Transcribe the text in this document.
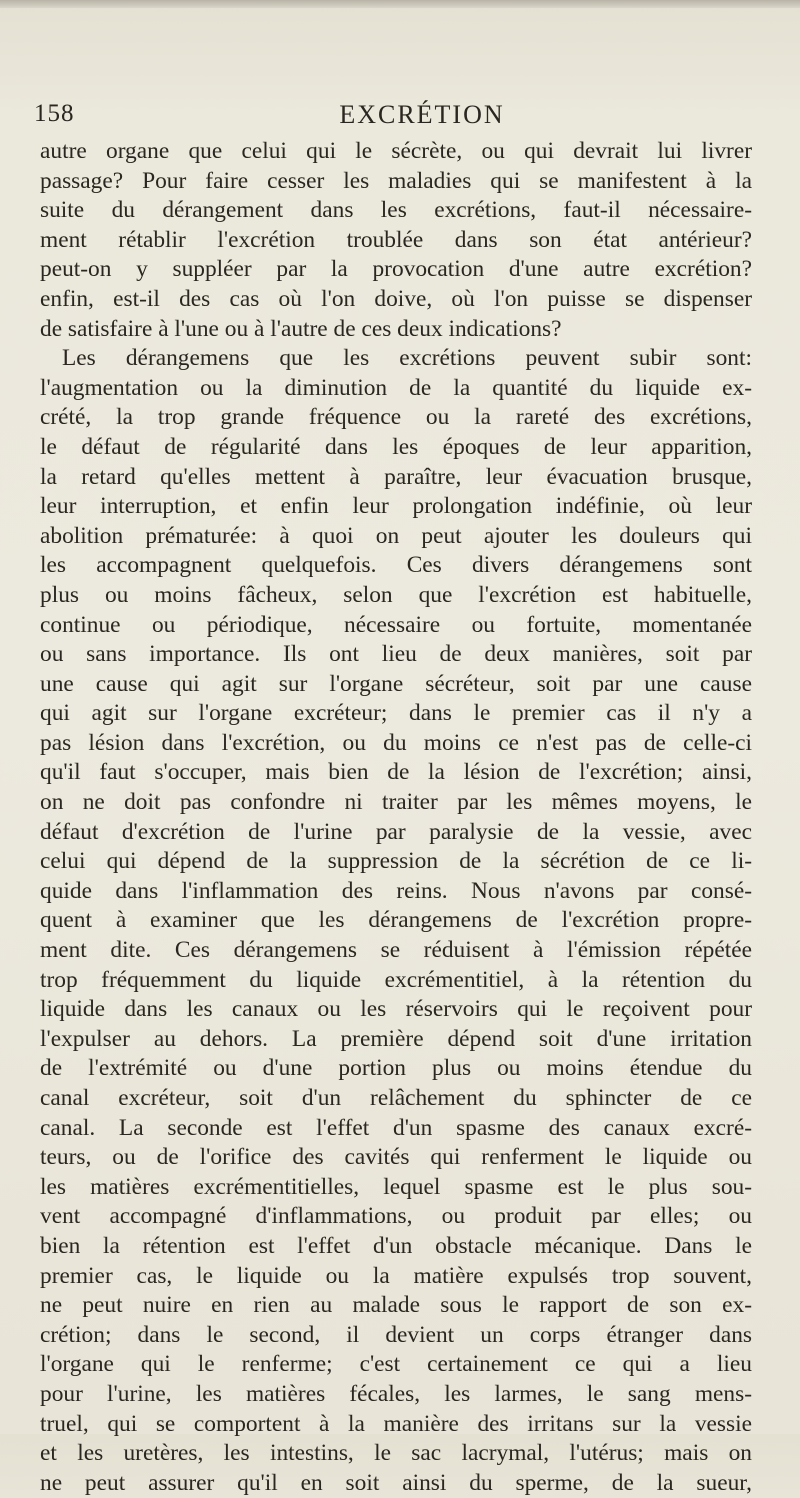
158	EXCRÉTION
autre organe que celui qui le sécrète, ou qui devrait lui livrer
passage? Pour faire cesser les maladies qui se manifestent à la
suite du dérangement dans les excrétions, faut-il nécessaire-
ment rétablir l'excrétion troublée dans son état antérieur?
peut-on y suppléer par la provocation d'une autre excrétion?
enfin, est-il des cas où l'on doive, où l'on puisse se dispenser
de satisfaire à l'une ou à l'autre de ces deux indications?
Les dérangemens que les excrétions peuvent subir sont:
l'augmentation ou la diminution de la quantité du liquide ex-
crété, la trop grande fréquence ou la rareté des excrétions,
le défaut de régularité dans les époques de leur apparition,
la retard qu'elles mettent à paraître, leur évacuation brusque,
leur interruption, et enfin leur prolongation indéfinie, où leur
abolition prématurée: à quoi on peut ajouter les douleurs qui
les accompagnent quelquefois. Ces divers dérangemens sont
plus ou moins fâcheux, selon que l'excrétion est habituelle,
continue ou périodique, nécessaire ou fortuite, momentanée
ou sans importance. Ils ont lieu de deux manières, soit par
une cause qui agit sur l'organe sécréteur, soit par une cause
qui agit sur l'organe excréteur; dans le premier cas il n'y a
pas lésion dans l'excrétion, ou du moins ce n'est pas de celle-ci
qu'il faut s'occuper, mais bien de la lésion de l'excrétion; ainsi,
on ne doit pas confondre ni traiter par les mêmes moyens, le
défaut d'excrétion de l'urine par paralysie de la vessie, avec
celui qui dépend de la suppression de la sécrétion de ce li-
quide dans l'inflammation des reins. Nous n'avons par consé-
quent à examiner que les dérangemens de l'excrétion propre-
ment dite. Ces dérangemens se réduisent à l'émission répétée
trop fréquemment du liquide excrémentitiel, à la rétention du
liquide dans les canaux ou les réservoirs qui le reçoivent pour
l'expulser au dehors. La première dépend soit d'une irritation
de l'extrémité ou d'une portion plus ou moins étendue du
canal excréteur, soit d'un relâchement du sphincter de ce
canal. La seconde est l'effet d'un spasme des canaux excré-
teurs, ou de l'orifice des cavités qui renferment le liquide ou
les matières excrémentitielles, lequel spasme est le plus sou-
vent accompagné d'inflammations, ou produit par elles; ou
bien la rétention est l'effet d'un obstacle mécanique. Dans le
premier cas, le liquide ou la matière expulsés trop souvent,
ne peut nuire en rien au malade sous le rapport de son ex-
crétion; dans le second, il devient un corps étranger dans
l'organe qui le renferme; c'est certainement ce qui a lieu
pour l'urine, les matières fécales, les larmes, le sang mens-
truel, qui se comportent à la manière des irritans sur la vessie
et les uretères, les intestins, le sac lacrymal, l'utérus; mais on
ne peut assurer qu'il en soit ainsi du sperme, de la sueur,
